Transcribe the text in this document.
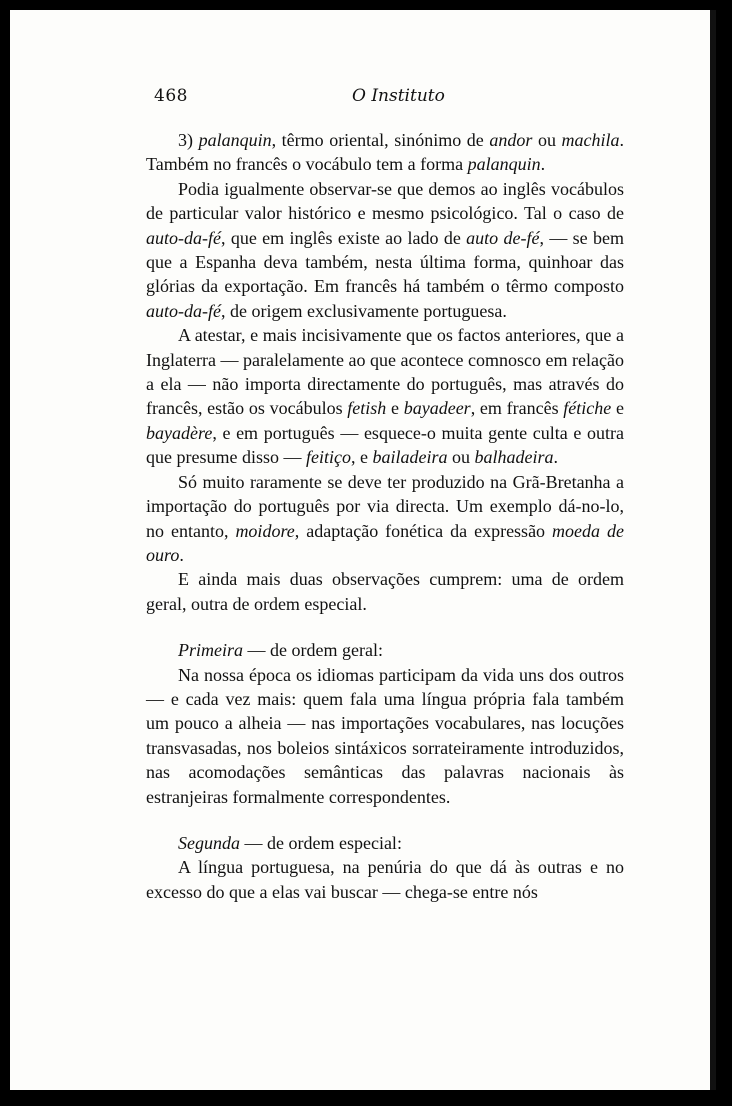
468	O Instituto

3) palanquin, têrmo oriental, sinónimo de andor ou machila. Também no francês o vocábulo tem a forma palanquin.

Podia igualmente observar-se que demos ao inglês vocábulos de particular valor histórico e mesmo psicológico. Tal o caso de auto-da-fé, que em inglês existe ao lado de auto de-fé, — se bem que a Espanha deva também, nesta última forma, quinhoar das glórias da exportação. Em francês há também o têrmo composto auto-da-fé, de origem exclusivamente portuguesa.

A atestar, e mais incisivamente que os factos anteriores, que a Inglaterra — paralelamente ao que acontece comnosco em relação a ela — não importa directamente do português, mas através do francês, estão os vocábulos fetish e bayadeer, em francês fétiche e bayadère, e em português — esquece-o muita gente culta e outra que presume disso — feitiço, e bailadeira ou balhadeira.

Só muito raramente se deve ter produzido na Grã-Bretanha a importação do português por via directa. Um exemplo dá-no-lo, no entanto, moidore, adaptação fonética da expressão moeda de ouro.

E ainda mais duas observações cumprem: uma de ordem geral, outra de ordem especial.

Primeira — de ordem geral:

Na nossa época os idiomas participam da vida uns dos outros — e cada vez mais: quem fala uma língua própria fala também um pouco a alheia — nas importações vocabulares, nas locuções transvasadas, nos boleios sintáxicos sorrateiramente introduzidos, nas acomodações semânticas das palavras nacionais às estranjeiras formalmente correspondentes.

Segunda — de ordem especial:

A língua portuguesa, na penúria do que dá às outras e no excesso do que a elas vai buscar — chega-se entre nós
